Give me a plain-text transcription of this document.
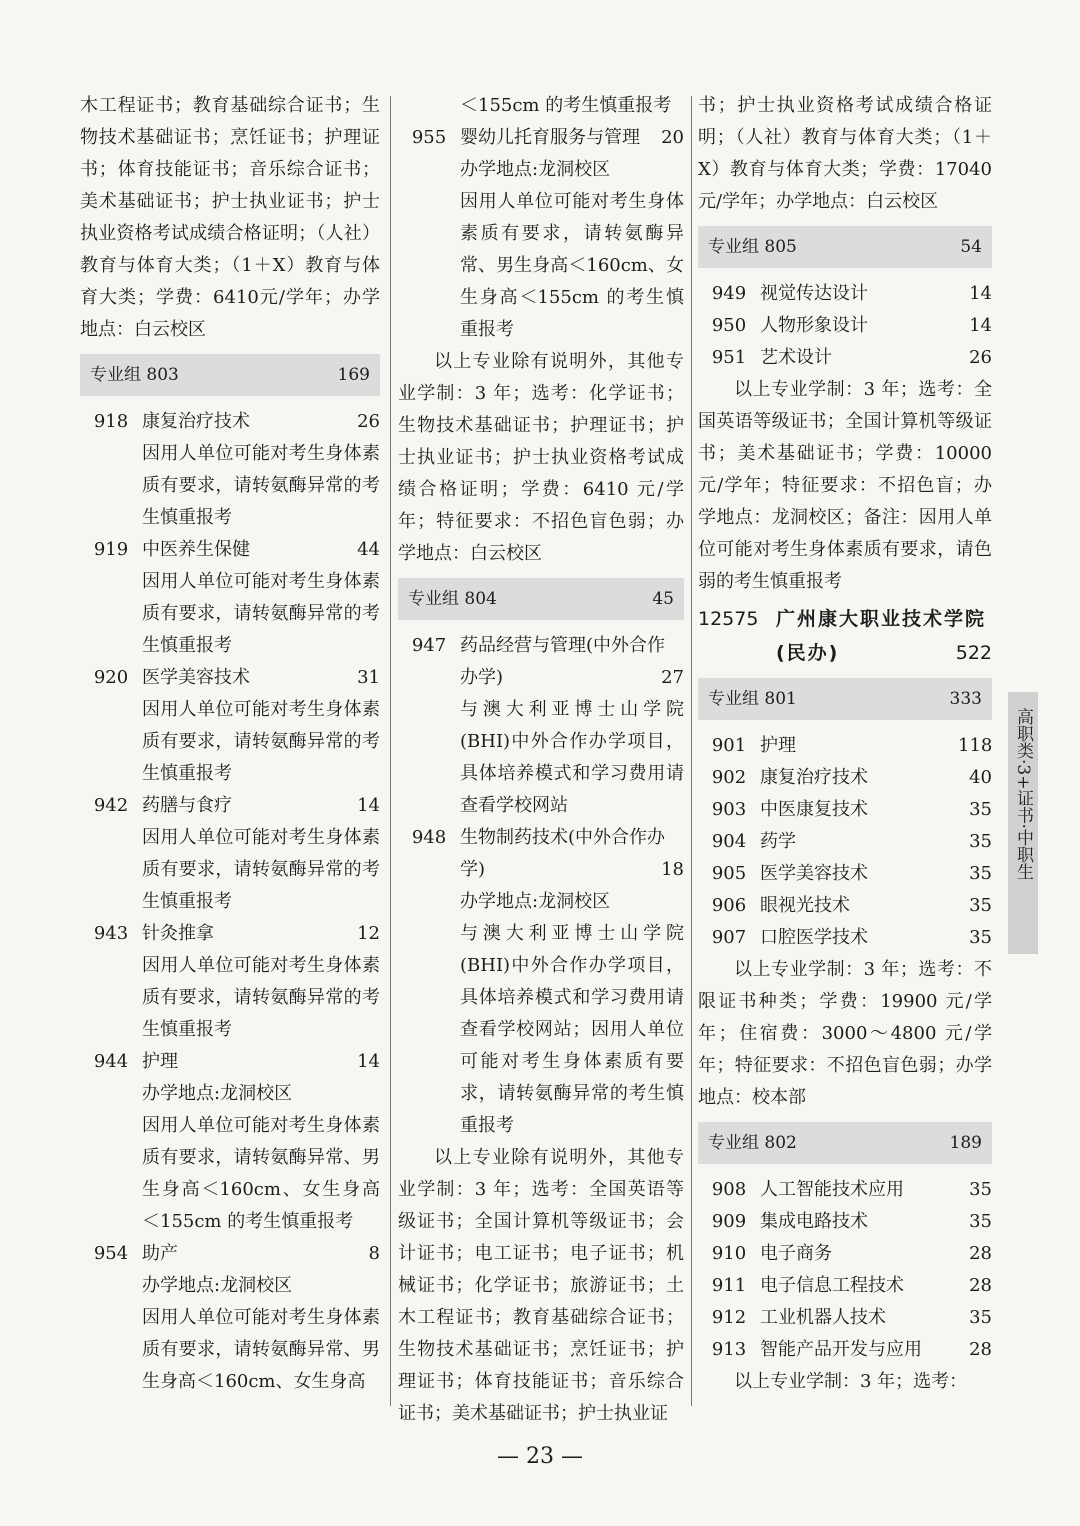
木工程证书；教育基础综合证书；生物技术基础证书；烹饪证书；护理证书；体育技能证书；音乐综合证书；美术基础证书；护士执业证书；护士执业资格考试成绩合格证明；（人社）教育与体育大类；（1＋X）教育与体育大类；学费：6410元/学年；办学地点：白云校区

专业组 803	169
918 康复治疗技术	26
因用人单位可能对考生身体素质有要求，请转氨酶异常的考生慎重报考
919 中医养生保健	44
因用人单位可能对考生身体素质有要求，请转氨酶异常的考生慎重报考
920 医学美容技术	31
因用人单位可能对考生身体素质有要求，请转氨酶异常的考生慎重报考
942 药膳与食疗	14
因用人单位可能对考生身体素质有要求，请转氨酶异常的考生慎重报考
943 针灸推拿	12
因用人单位可能对考生身体素质有要求，请转氨酶异常的考生慎重报考
944 护理	14
办学地点:龙洞校区
因用人单位可能对考生身体素质有要求，请转氨酶异常、男生身高＜160cm、女生身高＜155cm 的考生慎重报考
954 助产	8
办学地点:龙洞校区
因用人单位可能对考生身体素质有要求，请转氨酶异常、男生身高＜160cm、女生身高
＜155cm 的考生慎重报考
955 婴幼儿托育服务与管理	20
办学地点:龙洞校区
因用人单位可能对考生身体素质有要求，请转氨酶异常、男生身高＜160cm、女生身高＜155cm 的考生慎重报考

以上专业除有说明外，其他专业学制：3 年；选考：化学证书；生物技术基础证书；护理证书；护士执业证书；护士执业资格考试成绩合格证明；学费：6410 元/学年；特征要求：不招色盲色弱；办学地点：白云校区

专业组 804	45
947 药品经营与管理(中外合作
办学)	27
与澳大利亚博士山学院(BHI)中外合作办学项目，具体培养模式和学习费用请查看学校网站
948 生物制药技术(中外合作办
学)	18
办学地点:龙洞校区
与澳大利亚博士山学院(BHI)中外合作办学项目，具体培养模式和学习费用请查看学校网站；因用人单位可能对考生身体素质有要求，请转氨酶异常的考生慎重报考

以上专业除有说明外，其他专业学制：3 年；选考：全国英语等级证书；全国计算机等级证书；会计证书；电工证书；电子证书；机械证书；化学证书；旅游证书；土木工程证书；教育基础综合证书；生物技术基础证书；烹饪证书；护理证书；体育技能证书；音乐综合证书；美术基础证书；护士执业证

书；护士执业资格考试成绩合格证明；（人社）教育与体育大类；（1＋X）教育与体育大类；学费：17040元/学年；办学地点：白云校区

专业组 805	54
949 视觉传达设计	14
950 人物形象设计	14
951 艺术设计	26

以上专业学制：3 年；选考：全国英语等级证书；全国计算机等级证书；美术基础证书；学费：10000 元/学年；特征要求：不招色盲；办学地点：龙洞校区；备注：因用人单位可能对考生身体素质有要求，请色弱的考生慎重报考

12575 广州康大职业技术学院
(民办)	522
专业组 801	333
901 护理	118
902 康复治疗技术	40
903 中医康复技术	35
904 药学	35
905 医学美容技术	35
906 眼视光技术	35
907 口腔医学技术	35

以上专业学制：3 年；选考：不限证书种类；学费：19900 元/学年；住宿费：3000～4800 元/学年；特征要求：不招色盲色弱；办学地点：校本部

专业组 802	189
908 人工智能技术应用	35
909 集成电路技术	35
910 电子商务	28
911 电子信息工程技术	28
912 工业机器人技术	35
913 智能产品开发与应用	28

以上专业学制：3 年；选考：

高职类·3+证书·中职生
— 23 —
